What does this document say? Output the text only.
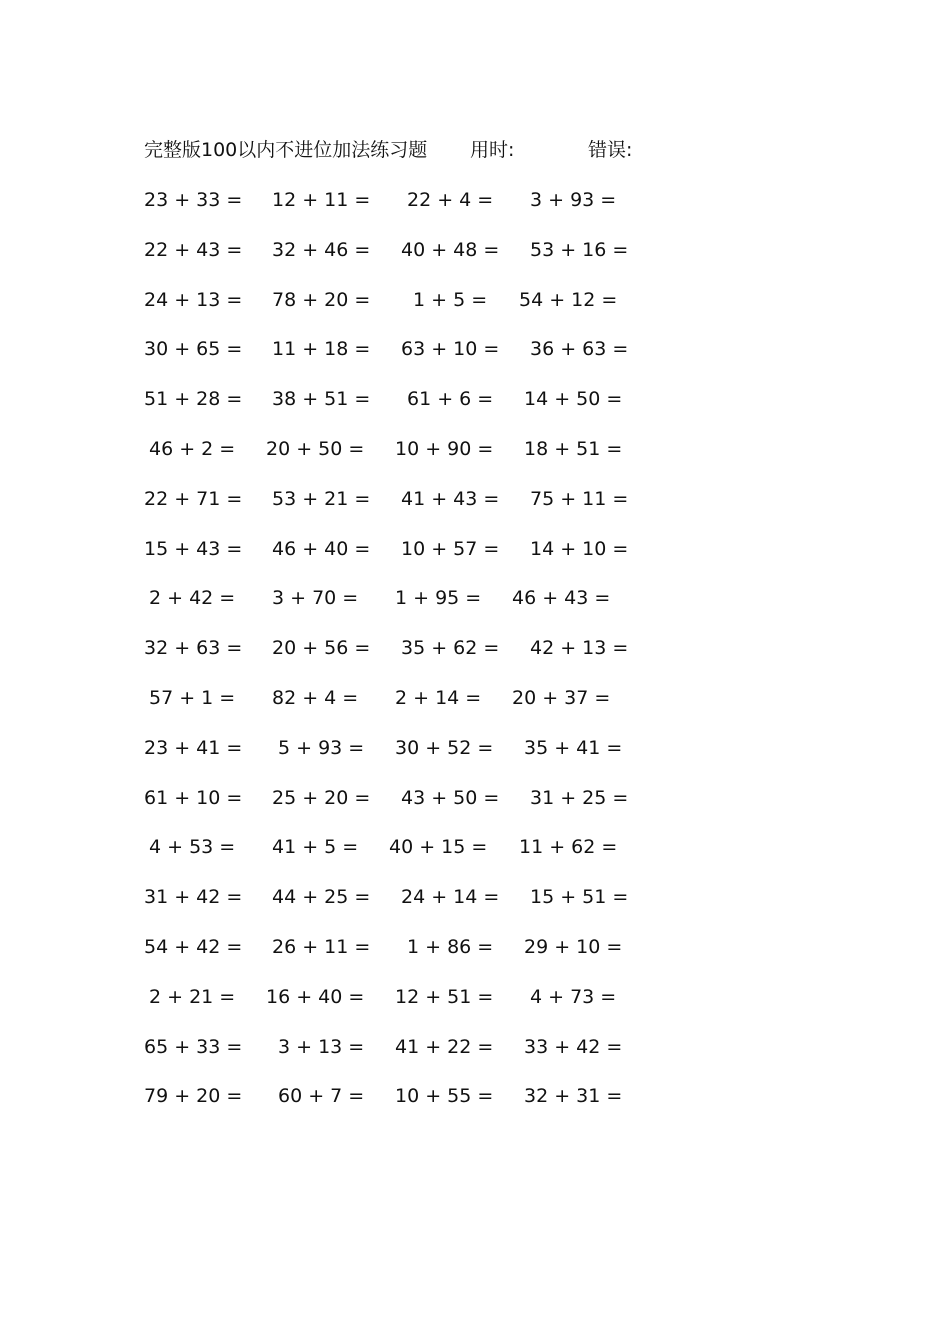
完整版100以内不进位加法练习题 用时:	错误:
23 + 33 = 12 + 11 = 22 + 4 = 3 + 93 =
22 + 43 = 32 + 46 = 40 + 48 = 53 + 16 =
24 + 13 = 78 + 20 = 1 + 5 = 54 + 12 =
30 + 65 = 11 + 18 = 63 + 10 = 36 + 63 =
51 + 28 = 38 + 51 = 61 + 6 = 14 + 50 =
46 + 2 = 20 + 50 = 10 + 90 = 18 + 51 =
22 + 71 = 53 + 21 = 41 + 43 = 75 + 11 =
15 + 43 = 46 + 40 = 10 + 57 = 14 + 10 =
2 + 42 = 3 + 70 = 1 + 95 = 46 + 43 =
32 + 63 = 20 + 56 = 35 + 62 = 42 + 13 =
57 + 1 = 82 + 4 = 2 + 14 = 20 + 37 =
23 + 41 = 5 + 93 = 30 + 52 = 35 + 41 =
61 + 10 = 25 + 20 = 43 + 50 = 31 + 25 =
4 + 53 = 41 + 5 = 40 + 15 = 11 + 62 =
31 + 42 = 44 + 25 = 24 + 14 = 15 + 51 =
54 + 42 = 26 + 11 = 1 + 86 = 29 + 10 =
2 + 21 = 16 + 40 = 12 + 51 = 4 + 73 =
65 + 33 = 3 + 13 = 41 + 22 = 33 + 42 =
79 + 20 = 60 + 7 = 10 + 55 = 32 + 31 =
